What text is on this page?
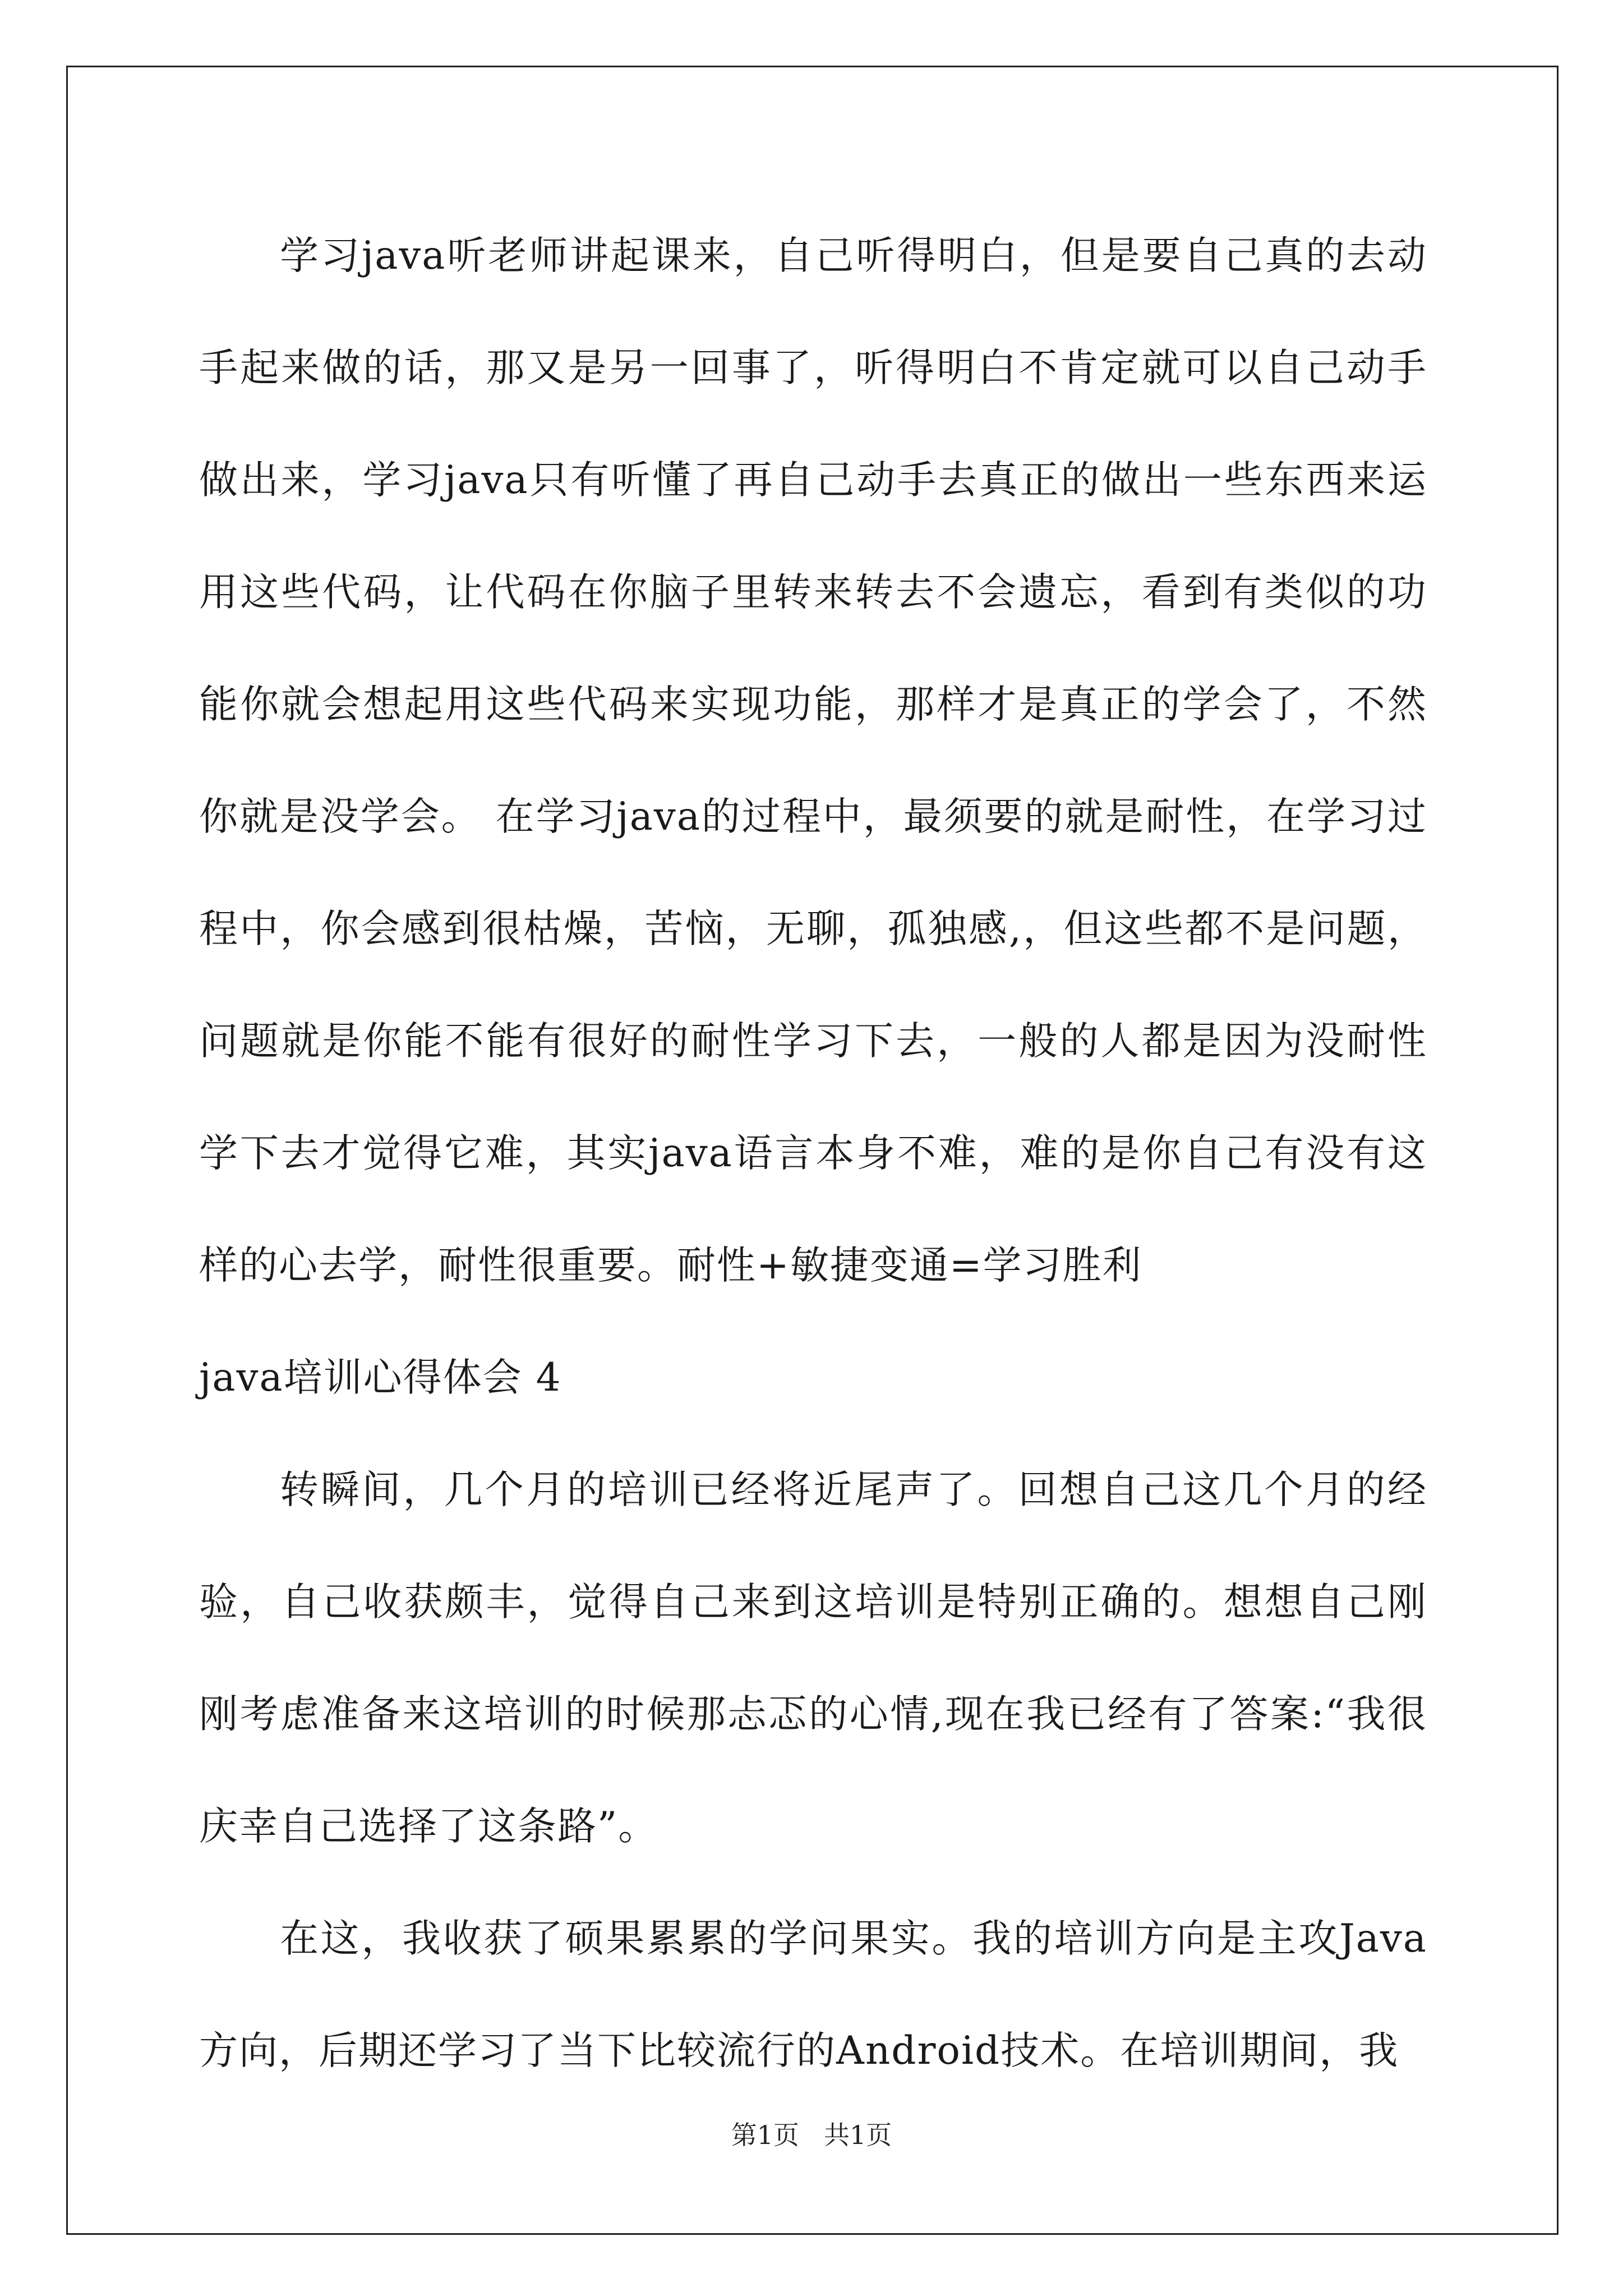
学习java听老师讲起课来，自己听得明白，但是要自己真的去动手起来做的话，那又是另一回事了，听得明白不肯定就可以自己动手做出来，学习java只有听懂了再自己动手去真正的做出一些东西来运用这些代码，让代码在你脑子里转来转去不会遗忘，看到有类似的功能你就会想起用这些代码来实现功能，那样才是真正的学会了，不然你就是没学会。 在学习java的过程中，最须要的就是耐性，在学习过程中，你会感到很枯燥，苦恼，无聊，孤独感,，但这些都不是问题，问题就是你能不能有很好的耐性学习下去，一般的人都是因为没耐性学下去才觉得它难，其实java语言本身不难，难的是你自己有没有这样的心去学，耐性很重要。耐性+敏捷变通=学习胜利

java培训心得体会 4

转瞬间，几个月的培训已经将近尾声了。回想自己这几个月的经验，自己收获颇丰，觉得自己来到这培训是特别正确的。想想自己刚刚考虑准备来这培训的时候那忐忑的心情,现在我已经有了答案:“我很庆幸自己选择了这条路”。

在这，我收获了硕果累累的学问果实。我的培训方向是主攻Java方向，后期还学习了当下比较流行的Android技术。在培训期间，我

第1页 共1页
